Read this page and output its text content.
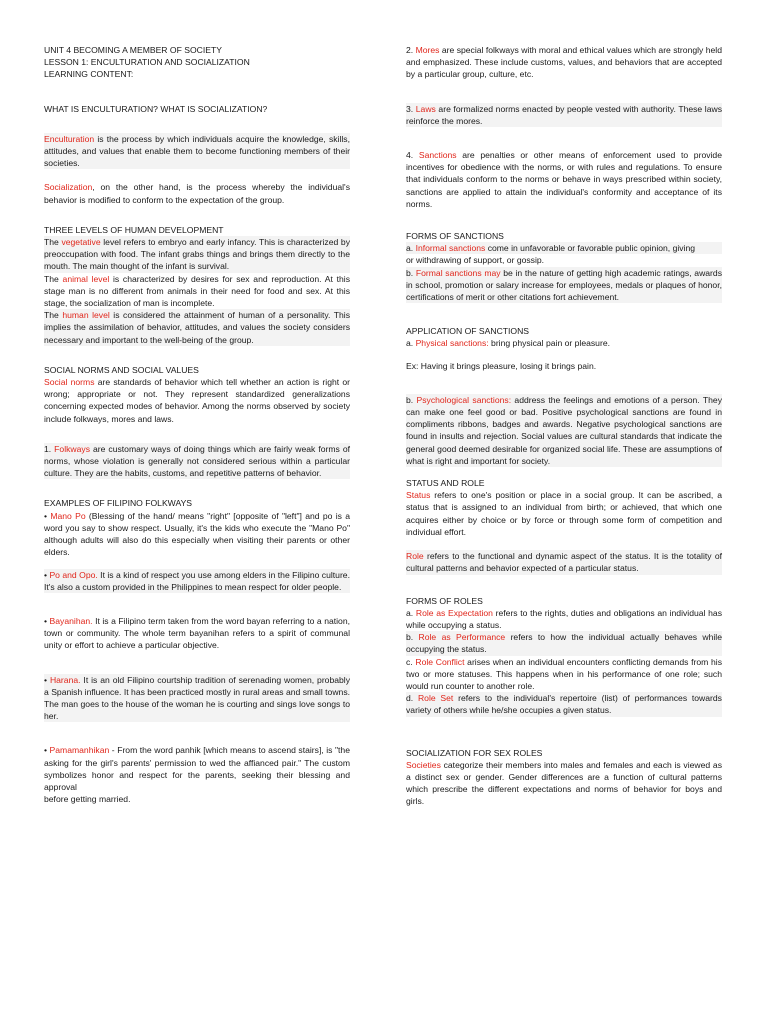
UNIT 4 BECOMING A MEMBER OF SOCIETY
LESSON 1: ENCULTURATION AND SOCIALIZATION
LEARNING CONTENT:
WHAT IS ENCULTURATION? WHAT IS SOCIALIZATION?

Enculturation is the process by which individuals acquire the knowledge, skills, attitudes, and values that enable them to become functioning members of their societies.

Socialization, on the other hand, is the process whereby the individual's behavior is modified to conform to the expectation of the group.

THREE LEVELS OF HUMAN DEVELOPMENT
The vegetative level refers to embryo and early infancy. This is characterized by preoccupation with food. The infant grabs things and brings them directly to the mouth. The main thought of the infant is survival.
The animal level is characterized by desires for sex and reproduction. At this stage man is no different from animals in their need for food and sex. At this stage, the socialization of man is incomplete.
The human level is considered the attainment of human of a personality. This implies the assimilation of behavior, attitudes, and values the society considers necessary and important to the well-being of the group.
SOCIAL NORMS AND SOCIAL VALUES
Social norms are standards of behavior which tell whether an action is right or wrong; appropriate or not. They represent standardized generalizations concerning expected modes of behavior. Among the norms observed by society include folkways, mores and laws.

1. Folkways are customary ways of doing things which are fairly weak forms of norms, whose violation is generally not considered serious within a particular culture. They are the habits, customs, and repetitive patterns of behavior.

EXAMPLES OF FILIPINO FOLKWAYS
• Mano Po (Blessing of the hand/ means "right" [opposite of "left"] and po is a word you say to show respect. Usually, it's the kids who execute the "Mano Po" although adults will also do this especially when visiting their parents or other elders.

• Po and Opo. It is a kind of respect you use among elders in the Filipino culture. It's also a custom provided in the Philippines to mean respect for older people.

• Bayanihan. It is a Filipino term taken from the word bayan referring to a nation, town or community. The whole term bayanihan refers to a spirit of communal unity or effort to achieve a particular objective.

• Harana. It is an old Filipino courtship tradition of serenading women, probably a Spanish influence. It has been practiced mostly in rural areas and small towns. The man goes to the house of the woman he is courting and sings love songs to her.

• Pamamanhikan - From the word panhik [which means to ascend stairs], is "the asking for the girl's parents' permission to wed the affianced pair." The custom symbolizes honor and respect for the parents, seeking their blessing and approval
before getting married.

2. Mores are special folkways with moral and ethical values which are strongly held and emphasized. These include customs, values, and behaviors that are accepted by a particular group, culture, etc.

3. Laws are formalized norms enacted by people vested with authority. These laws reinforce the mores.

4. Sanctions are penalties or other means of enforcement used to provide incentives for obedience with the norms, or with rules and regulations. To ensure that individuals conform to the norms or behave in ways prescribed within society, sanctions are applied to attain the individual's conformity and acceptance of its norms.

FORMS OF SANCTIONS
a. Informal sanctions come in unfavorable or favorable public opinion, giving
or withdrawing of support, or gossip.
b. Formal sanctions may be in the nature of getting high academic ratings, awards in school, promotion or salary increase for employees, medals or plaques of honor, certifications of merit or other citations fort achievement.
APPLICATION OF SANCTIONS
a. Physical sanctions: bring physical pain or pleasure.

Ex: Having it brings pleasure, losing it brings pain.

b. Psychological sanctions: address the feelings and emotions of a person. They can make one feel good or bad. Positive psychological sanctions are found in compliments ribbons, badges and awards. Negative psychological sanctions are found in insults and rejection. Social values are cultural standards that indicate the general good deemed desirable for organized social life. These are assumptions of what is right and important for society.

STATUS AND ROLE
Status refers to one's position or place in a social group. It can be ascribed, a status that is assigned to an individual from birth; or achieved, that which one acquires either by choice or by force or through some form of competition and individual effort.

Role refers to the functional and dynamic aspect of the status. It is the totality of cultural patterns and behavior expected of a particular status.

FORMS OF ROLES
a. Role as Expectation refers to the rights, duties and obligations an individual has while occupying a status.
b. Role as Performance refers to how the individual actually behaves while occupying the status.
c. Role Conflict arises when an individual encounters conflicting demands from his two or more statuses. This happens when in his performance of one role; such would run counter to another role.
d. Role Set refers to the individual's repertoire (list) of performances towards variety of others while he/she occupies a given status.
SOCIALIZATION FOR SEX ROLES
Societies categorize their members into males and females and each is viewed as a distinct sex or gender. Gender differences are a function of cultural patterns which prescribe the different expectations and norms of behavior for boys and girls.
